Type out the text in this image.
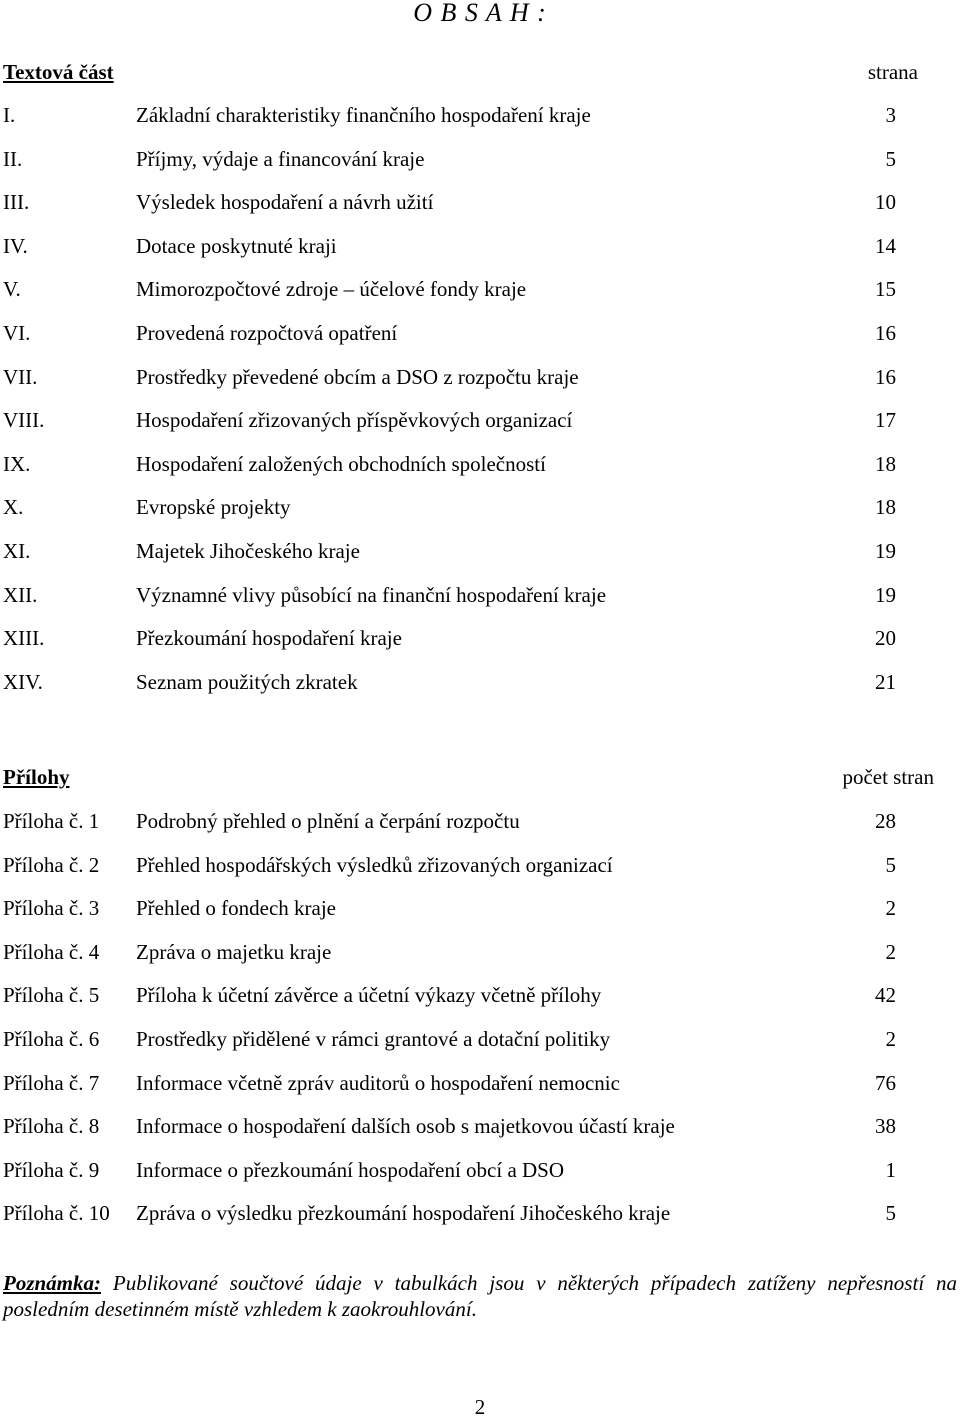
O B S A H :
Textová část	strana
I.	Základní charakteristiky finančního hospodaření kraje	3
II.	Příjmy, výdaje a financování kraje	5
III.	Výsledek hospodaření a návrh užití	10
IV.	Dotace poskytnuté kraji	14
V.	Mimorozpočtové zdroje – účelové fondy kraje	15
VI.	Provedená rozpočtová opatření	16
VII.	Prostředky převedené obcím a DSO z rozpočtu kraje	16
VIII.	Hospodaření zřizovaných příspěvkových organizací	17
IX.	Hospodaření založených obchodních společností	18
X.	Evropské projekty	18
XI.	Majetek Jihočeského kraje	19
XII.	Významné vlivy působící na finanční hospodaření kraje	19
XIII.	Přezkoumání hospodaření kraje	20
XIV.	Seznam použitých zkratek	21
Přílohy	počet stran
Příloha č. 1 Podrobný přehled o plnění a čerpání rozpočtu	28
Příloha č. 2 Přehled hospodářských výsledků zřizovaných organizací	5
Příloha č. 3 Přehled o fondech kraje	2
Příloha č. 4 Zpráva o majetku kraje	2
Příloha č. 5 Příloha k účetní závěrce a účetní výkazy včetně přílohy	42
Příloha č. 6 Prostředky přidělené v rámci grantové a dotační politiky	2
Příloha č. 7 Informace včetně zpráv auditorů o hospodaření nemocnic	76
Příloha č. 8 Informace o hospodaření dalších osob s majetkovou účastí kraje	38
Příloha č. 9 Informace o přezkoumání hospodaření obcí a DSO	1
Příloha č. 10 Zpráva o výsledku přezkoumání hospodaření Jihočeského kraje	5
Poznámka: Publikované součtové údaje v tabulkách jsou v některých případech zatíženy nepřesností na posledním desetinném místě vzhledem k zaokrouhlování.
2
